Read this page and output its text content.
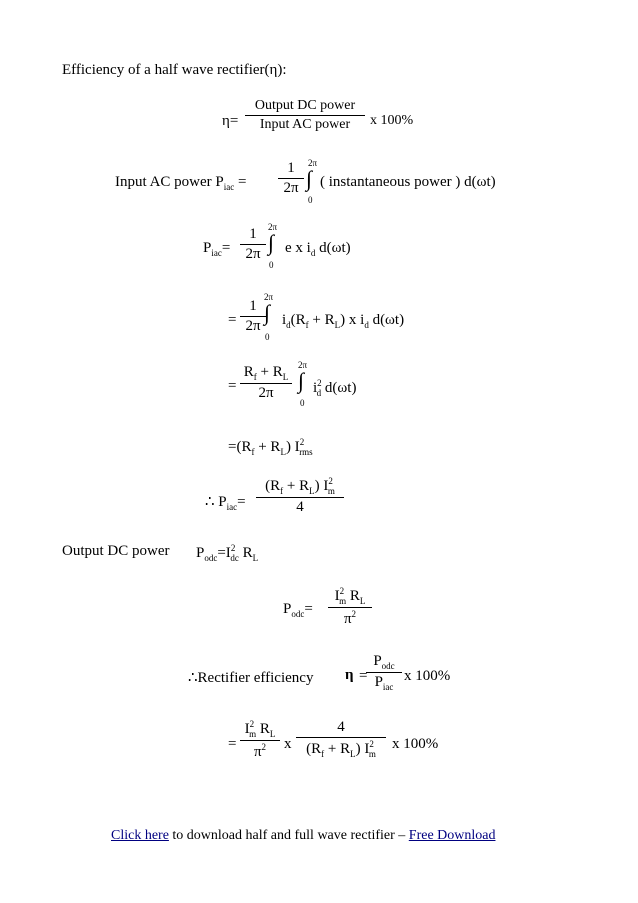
Efficiency of a half wave rectifier(η):
η=
Output DC power
Input AC power	x 100%
Input AC power $P_{iac}$ =
1
2π
2π
∫
0
( instantaneous power ) d(ωt)
$P_{iac}=$
1
2π
2π
∫
0
e x $i_d$ d(ωt)
=
1
2π
2π
∫
0
$i_d(R_f + R_L)$ x $i_d$ d(ωt)
=
$R_f + R_L$
2π
2π
∫
0
$i^2_d$ d(ωt)
$=(R_f + R_L)$ $I^2_{rms}$
∴ $P_{iac}=$
$(R_f + R_L)$ $I^2_m$
4
Output DC power $P_{odc}=I^2_{dc}$ $R_L$
$P_{odc}=$
$I^2_m$ $R_L$
$\pi^2$
∴Rectifier efficiency η =
$P_{odc}$
$P_{iac}$
x 100%
=
$I^2_m$ $R_L$
$\pi^2$	x
4
$(R_f + R_L)$ $I^2_m$
x 100%
Click here to download half and full wave rectifier – Free Download
